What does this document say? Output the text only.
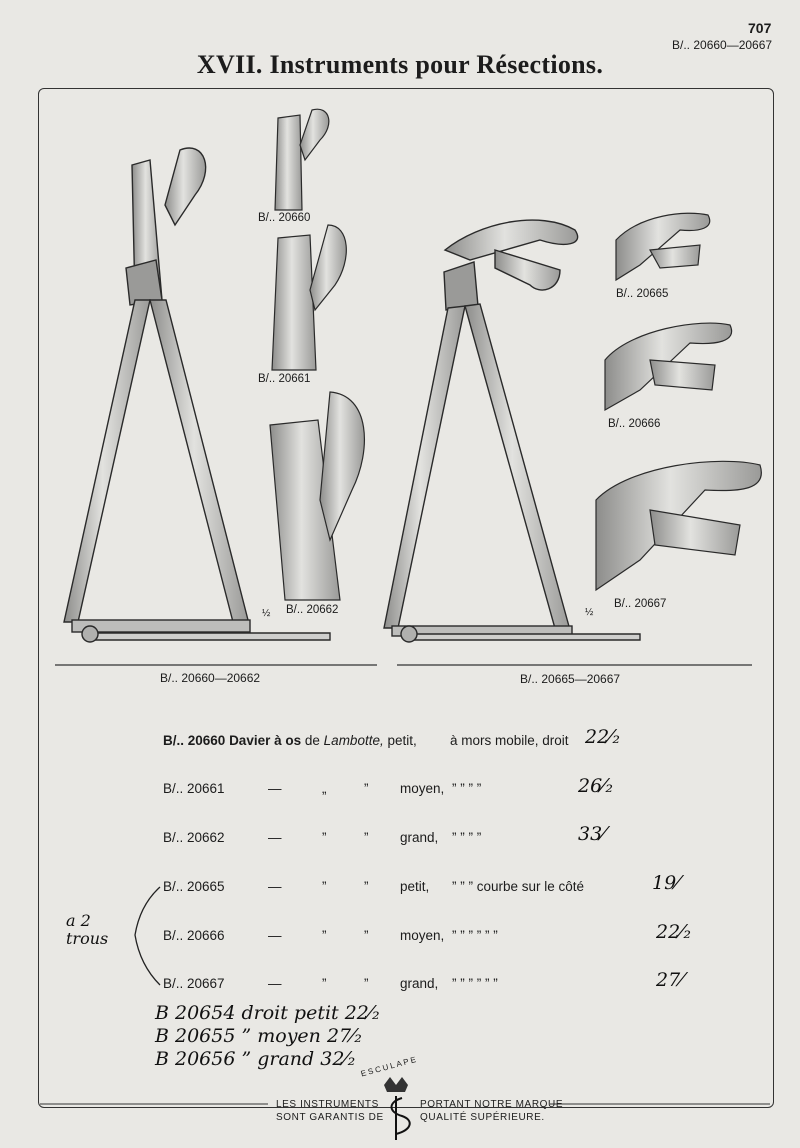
707
B/.. 20660—20667
XVII. Instruments pour Résections.
B/.. 20660
B/.. 20661
½ B/.. 20662
B/.. 20665
B/.. 20666
½
B/.. 20667
B/.. 20660—20662	B/.. 20665—20667
B/.. 20660 Davier à os de Lambotte, petit, à mors mobile, droit 22⁄₂
B/.. 20661	—	„	” moyen, ” ” ” ”	26⁄₂
B/.. 20662	—	”	” grand, ” ” ” ”	33⁄
B/.. 20665	—	”	” petit, ” ” ” courbe sur le côté	19⁄
B/.. 20666	—	”	” moyen, ” ” ” ” ” ”	22⁄₂
B/.. 20667	—	”	” grand, ” ” ” ” ” ”	27⁄
a 2 trous
B 20654 droit petit 22⁄₂
B 20655 ” moyen 27⁄₂
B 20656 ” grand 32⁄₂
LES INSTRUMENTS
SONT GARANTIS DE
PORTANT NOTRE MARQUE
QUALITÉ SUPÉRIEURE.
ESCULAPE
